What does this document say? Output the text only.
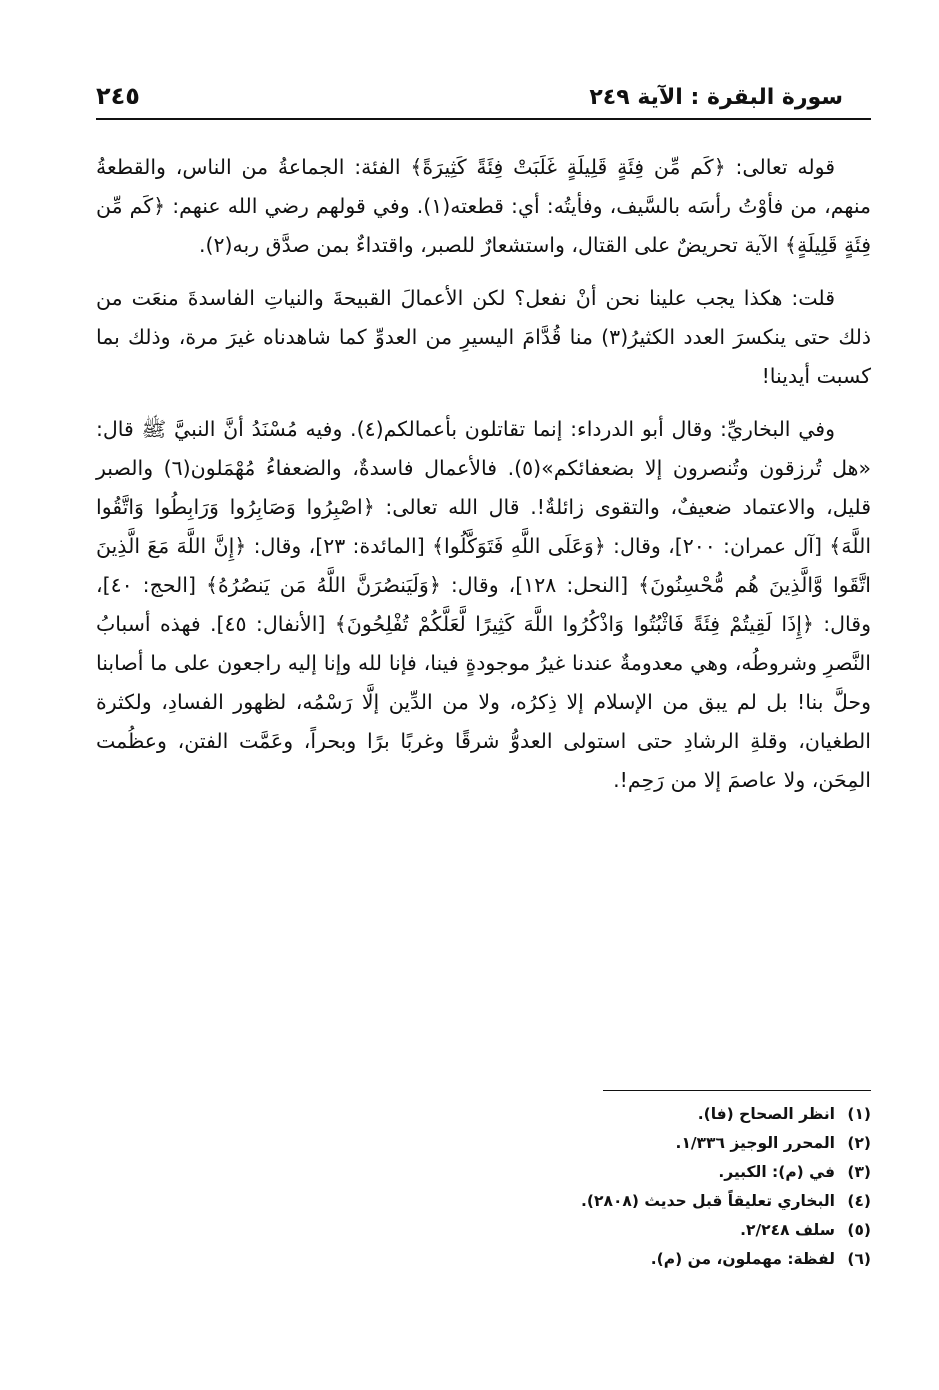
سورة البقرة : الآية ٢٤٩
٢٤٥

قوله تعالى: ﴿كَم مِّن فِئَةٍ قَلِيلَةٍ غَلَبَتْ فِئَةً كَثِيرَةً﴾ الفئة: الجماعةُ من الناس، والقطعةُ منهم، من فأوْتُ رأسَه بالسَّيف، وفأيتُه: أي: قطعته(١). وفي قولهم رضي الله عنهم: ﴿كَم مِّن فِئَةٍ قَلِيلَةٍ﴾ الآية تحريضٌ على القتال، واستشعارٌ للصبر، واقتداءٌ بمن صدَّق ربه(٢).

قلت: هكذا يجب علينا نحن أنْ نفعل؟ لكن الأعمالَ القبيحةَ والنياتِ الفاسدةَ منعَت من ذلك حتى ينكسرَ العدد الكثيرُ(٣) منا قُدَّامَ اليسيرِ من العدوِّ كما شاهدناه غيرَ مرة، وذلك بما كسبت أيدينا!

وفي البخاريِّ: وقال أبو الدرداء: إنما تقاتلون بأعمالكم(٤). وفيه مُسْنَدُ أنَّ النبيَّ ﷺ قال: «هل تُرزقون وتُنصرون إلا بضعفائكم»(٥). فالأعمال فاسدةٌ، والضعفاءُ مُهْمَلون(٦) والصبر قليل، والاعتماد ضعيفٌ، والتقوى زائلةٌ!. قال الله تعالى: ﴿اصْبِرُوا وَصَابِرُوا وَرَابِطُوا وَاتَّقُوا اللَّهَ﴾ [آل عمران: ٢٠٠]، وقال: ﴿وَعَلَى اللَّهِ فَتَوَكَّلُوا﴾ [المائدة: ٢٣]، وقال: ﴿إِنَّ اللَّهَ مَعَ الَّذِينَ اتَّقَوا وَّالَّذِينَ هُم مُّحْسِنُونَ﴾ [النحل: ١٢٨]، وقال: ﴿وَلَيَنصُرَنَّ اللَّهُ مَن يَنصُرُهُ﴾ [الحج: ٤٠]، وقال: ﴿إِذَا لَقِيتُمْ فِئَةً فَاثْبُتُوا وَاذْكُرُوا اللَّهَ كَثِيرًا لَّعَلَّكُمْ تُفْلِحُونَ﴾ [الأنفال: ٤٥]. فهذه أسبابُ النَّصرِ وشروطُه، وهي معدومةٌ عندنا غيرُ موجودةٍ فينا، فإنا لله وإنا إليه راجعون على ما أصابنا وحلَّ بنا! بل لم يبق من الإسلام إلا ذِكرُه، ولا من الدِّين إلَّا رَسْمُه، لظهور الفسادِ، ولكثرة الطغيان، وقلةِ الرشادِ حتى استولى العدوُّ شرقًا وغربًا برًا وبحراً، وعَمَّت الفتن، وعظُمت المِحَن، ولا عاصمَ إلا من رَحِم!.

(١)
انظر الصحاح (فا).
(٢)
المحرر الوجيز ١/٣٣٦.
(٣)
في (م): الكبير.
(٤)
البخاري تعليقاً قبل حديث (٢٨٠٨).
(٥)
سلف ٢/٢٤٨.
(٦)
لفظة: مهملون، من (م).
